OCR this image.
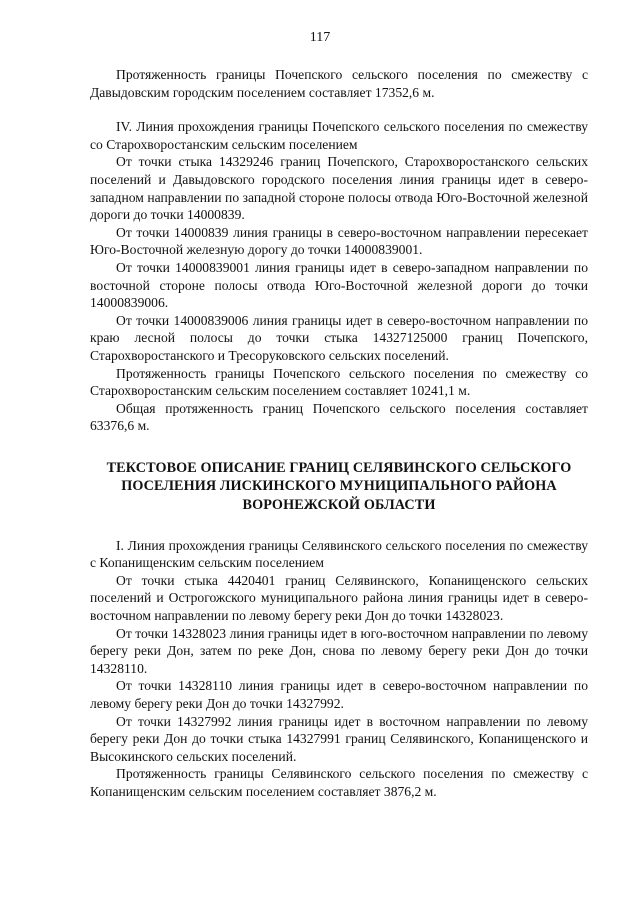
117

Протяженность границы Почепского сельского поселения по смежеству с Давыдовским городским поселением составляет 17352,6 м.

IV. Линия прохождения границы Почепского сельского поселения по смежеству со Старохворостанским сельским поселением

От точки стыка 14329246 границ Почепского, Старохворостанского сельских поселений и Давыдовского городского поселения линия границы идет в северо-западном направлении по западной стороне полосы отвода Юго-Восточной железной дороги до точки 14000839.

От точки 14000839 линия границы в северо-восточном направлении пересекает Юго-Восточной железную дорогу до точки 14000839001.

От точки 14000839001 линия границы идет в северо-западном направлении по восточной стороне полосы отвода Юго-Восточной железной дороги до точки 14000839006.

От точки 14000839006 линия границы идет в северо-восточном направлении по краю лесной полосы до точки стыка 14327125000 границ Почепского, Старохворостанского и Тресоруковского сельских поселений.

Протяженность границы Почепского сельского поселения по смежеству со Старохворостанским сельским поселением составляет 10241,1 м.

Общая протяженность границ Почепского сельского поселения составляет 63376,6 м.

ТЕКСТОВОЕ ОПИСАНИЕ ГРАНИЦ СЕЛЯВИНСКОГО СЕЛЬСКОГО ПОСЕЛЕНИЯ ЛИСКИНСКОГО МУНИЦИПАЛЬНОГО РАЙОНА ВОРОНЕЖСКОЙ ОБЛАСТИ

I. Линия прохождения границы Селявинского сельского поселения по смежеству с Копанищенским сельским поселением

От точки стыка 4420401 границ Селявинского, Копанищенского сельских поселений и Острогожского муниципального района линия границы идет в северо-восточном направлении по левому берегу реки Дон до точки 14328023.

От точки 14328023 линия границы идет в юго-восточном направлении по левому берегу реки Дон, затем по реке Дон, снова по левому берегу реки Дон до точки 14328110.

От точки 14328110 линия границы идет в северо-восточном направлении по левому берегу реки Дон до точки 14327992.

От точки 14327992 линия границы идет в восточном направлении по левому берегу реки Дон до точки стыка 14327991 границ Селявинского, Копанищенского и Высокинского сельских поселений.

Протяженность границы Селявинского сельского поселения по смежеству с Копанищенским сельским поселением составляет 3876,2 м.
